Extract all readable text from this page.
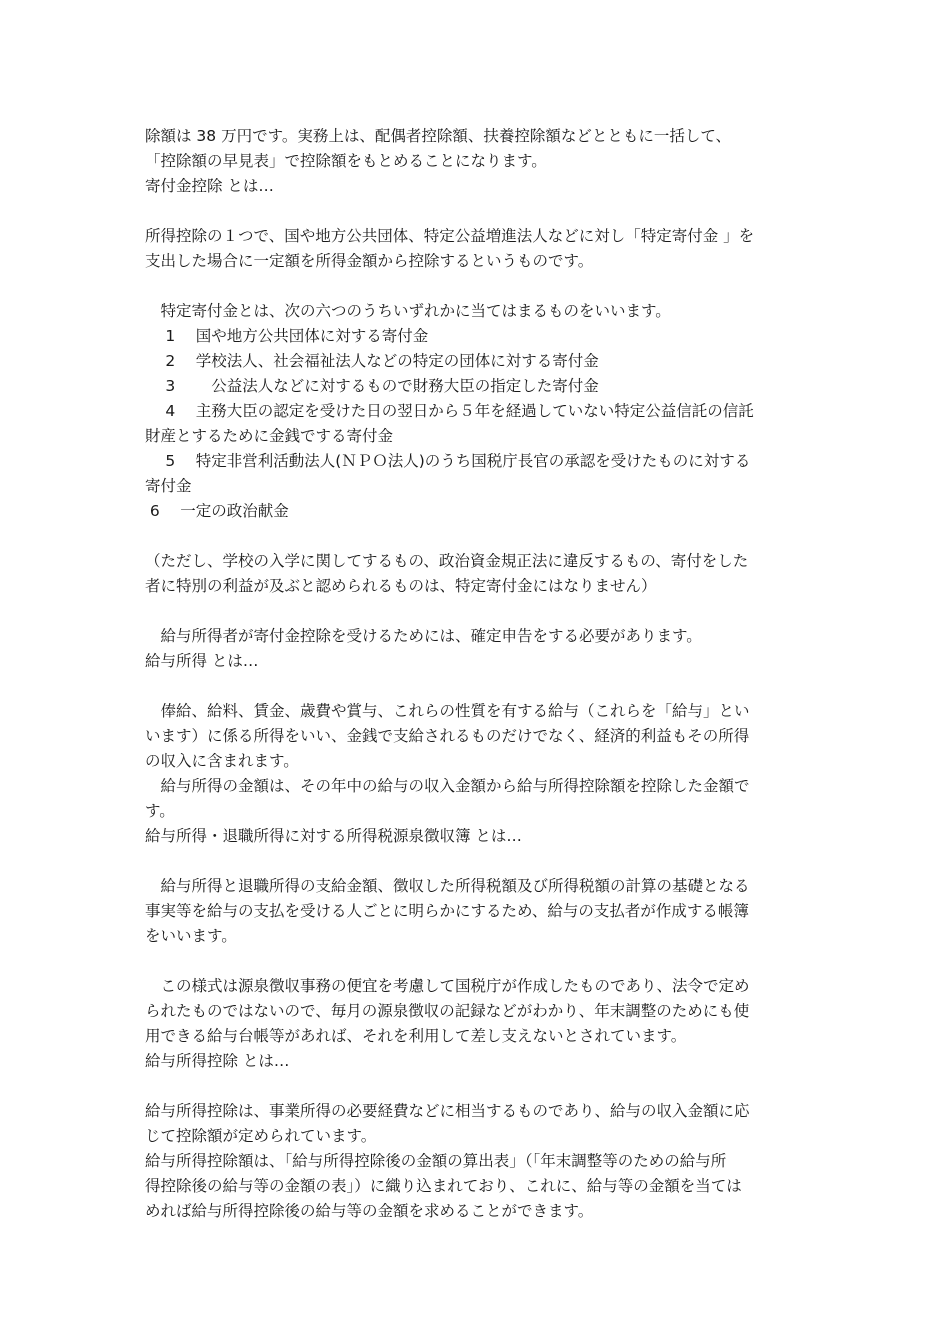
除額は 38 万円です。実務上は、配偶者控除額、扶養控除額などとともに一括して、
「控除額の早見表」で控除額をもとめることになります。
寄付金控除 とは…
所得控除の１つで、国や地方公共団体、特定公益増進法人などに対し「特定寄付金 」を
支出した場合に一定額を所得金額から控除するというものです。
　特定寄付金とは、次の六つのうちいずれかに当てはまるものをいいます。
　 1　 国や地方公共団体に対する寄付金
　 2　 学校法人、社会福祉法人などの特定の団体に対する寄付金
　 3　　 公益法人などに対するもので財務大臣の指定した寄付金
　 4　 主務大臣の認定を受けた日の翌日から５年を経過していない特定公益信託の信託
財産とするために金銭でする寄付金
　 5　 特定非営利活動法人(ＮＰＯ法人)のうち国税庁長官の承認を受けたものに対する
寄付金
6　 一定の政治献金
（ただし、学校の入学に関してするもの、政治資金規正法に違反するもの、寄付をした
者に特別の利益が及ぶと認められるものは、特定寄付金にはなりません）
　給与所得者が寄付金控除を受けるためには、確定申告をする必要があります。
給与所得 とは…
　俸給、給料、賃金、歳費や賞与、これらの性質を有する給与（これらを「給与」とい
います）に係る所得をいい、金銭で支給されるものだけでなく、経済的利益もその所得
の収入に含まれます。
　給与所得の金額は、その年中の給与の収入金額から給与所得控除額を控除した金額で
す。
給与所得・退職所得に対する所得税源泉徴収簿 とは…
　給与所得と退職所得の支給金額、徴収した所得税額及び所得税額の計算の基礎となる
事実等を給与の支払を受ける人ごとに明らかにするため、給与の支払者が作成する帳簿
をいいます。
　この様式は源泉徴収事務の便宜を考慮して国税庁が作成したものであり、法令で定め
られたものではないので、毎月の源泉徴収の記録などがわかり、年末調整のためにも使
用できる給与台帳等があれば、それを利用して差し支えないとされています。
給与所得控除 とは…
給与所得控除は、事業所得の必要経費などに相当するものであり、給与の収入金額に応
じて控除額が定められています。
給与所得控除額は、「給与所得控除後の金額の算出表」（「年末調整等のための給与所
得控除後の給与等の金額の表」）に織り込まれており、これに、給与等の金額を当ては
めれば給与所得控除後の給与等の金額を求めることができます。
